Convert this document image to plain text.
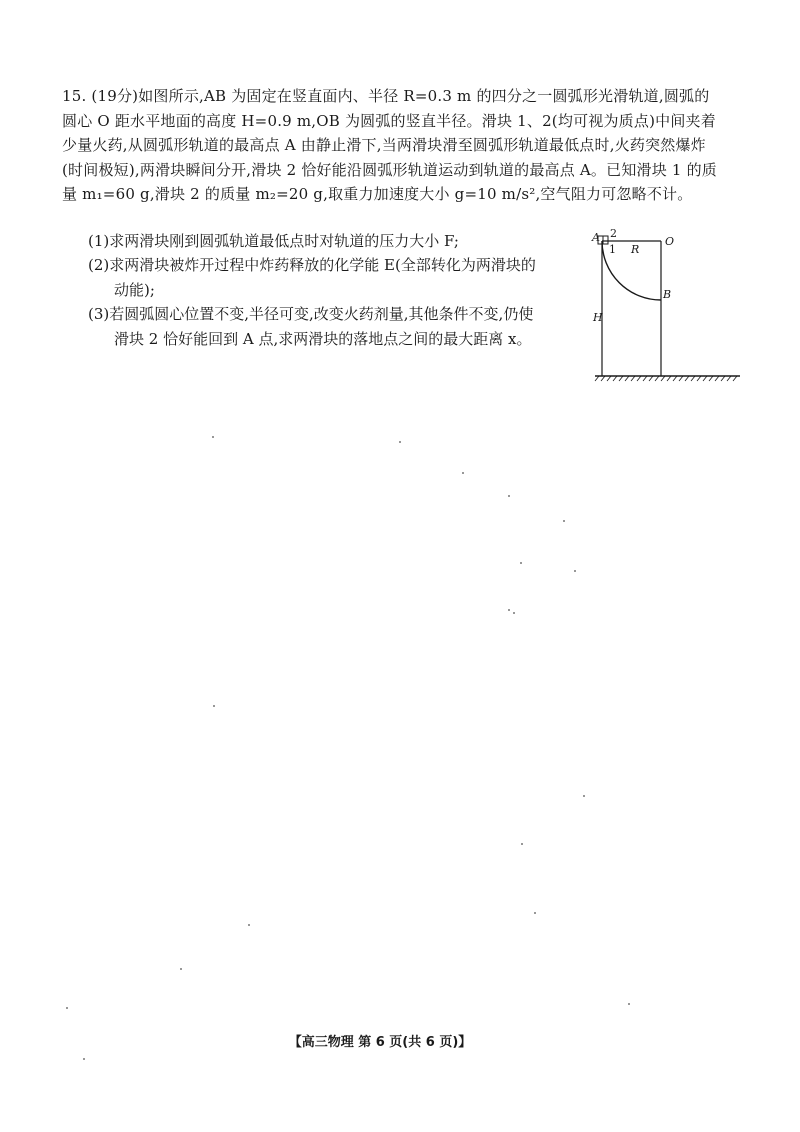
15. (19分)如图所示,AB 为固定在竖直面内、半径 R=0.3 m 的四分之一圆弧形光滑轨道,圆弧的圆心 O 距水平地面的高度 H=0.9 m,OB 为圆弧的竖直半径。滑块 1、2(均可视为质点)中间夹着少量火药,从圆弧形轨道的最高点 A 由静止滑下,当两滑块滑至圆弧形轨道最低点时,火药突然爆炸(时间极短),两滑块瞬间分开,滑块 2 恰好能沿圆弧形轨道运动到轨道的最高点 A。已知滑块 1 的质量 m₁=60 g,滑块 2 的质量 m₂=20 g,取重力加速度大小 g=10 m/s²,空气阻力可忽略不计。
(1)求两滑块刚到圆弧轨道最低点时对轨道的压力大小 F;
(2)求两滑块被炸开过程中炸药释放的化学能 E(全部转化为两滑块的
动能);
(3)若圆弧圆心位置不变,半径可变,改变火药剂量,其他条件不变,仍使
滑块 2 恰好能回到 A 点,求两滑块的落地点之间的最大距离 x。
A 2
1 R
O
B
H
【高三物理 第 6 页(共 6 页)】
